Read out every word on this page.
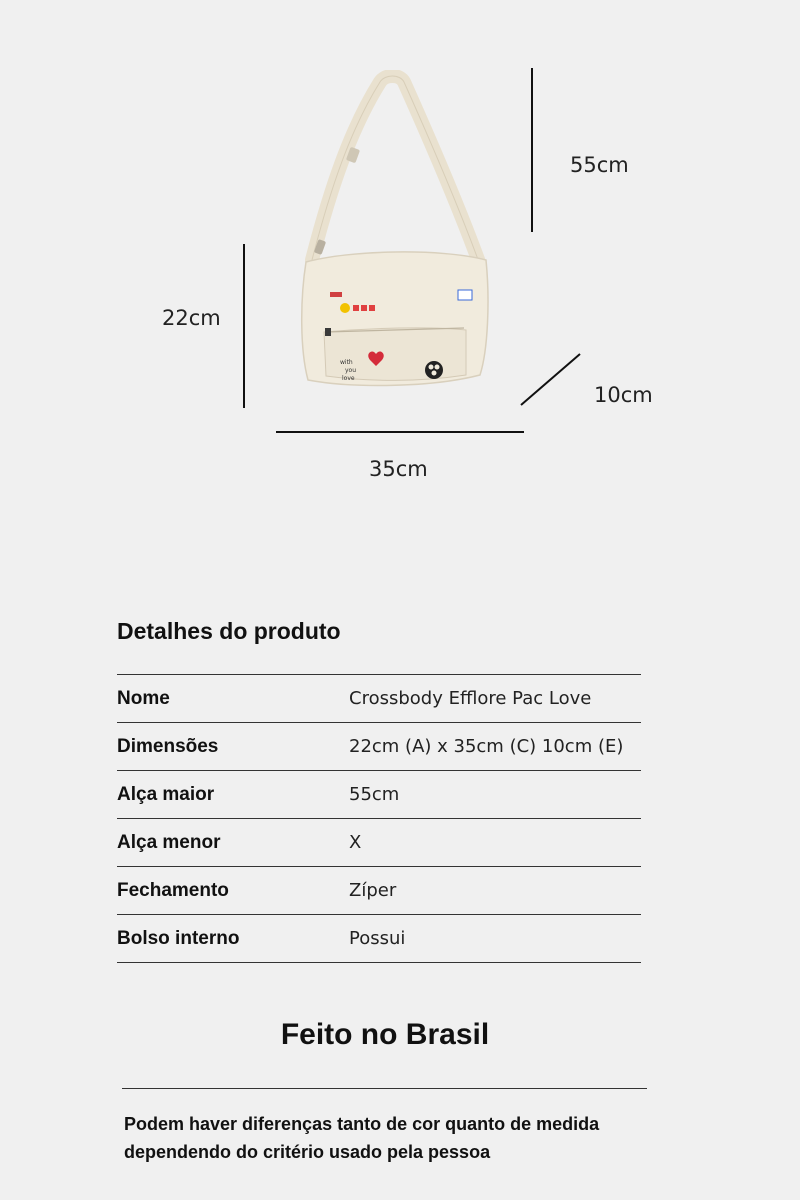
55cm
22cm
35cm
10cm
with
you
love
Detalhes do produto
Nome	Crossbody Efflore Pac Love
Dimensões	22cm (A) x 35cm (C) 10cm (E)
Alça maior	55cm
Alça menor	X
Fechamento	Zíper
Bolso interno	Possui
Feito no Brasil
Podem haver diferenças tanto de cor quanto de medida dependendo do critério usado pela pessoa
